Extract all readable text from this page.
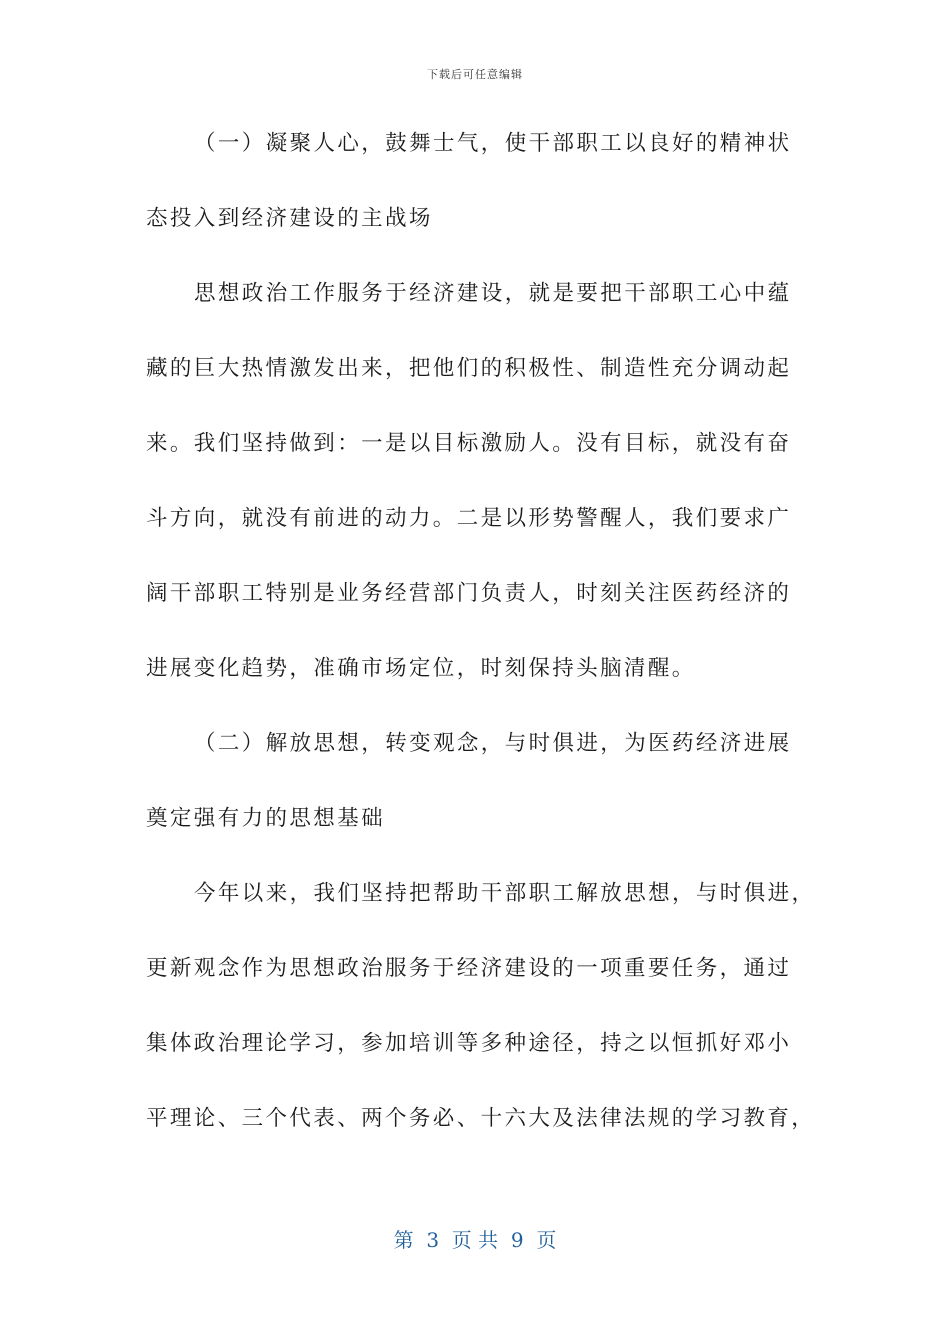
下载后可任意编辑
（一）凝聚人心，鼓舞士气，使干部职工以良好的精神状
态投入到经济建设的主战场
思想政治工作服务于经济建设，就是要把干部职工心中蕴
藏的巨大热情激发出来，把他们的积极性、制造性充分调动起
来。我们坚持做到：一是以目标激励人。没有目标，就没有奋
斗方向，就没有前进的动力。二是以形势警醒人，我们要求广
阔干部职工特别是业务经营部门负责人，时刻关注医药经济的
进展变化趋势，准确市场定位，时刻保持头脑清醒。
（二）解放思想，转变观念，与时俱进，为医药经济进展
奠定强有力的思想基础
今年以来，我们坚持把帮助干部职工解放思想，与时俱进，
更新观念作为思想政治服务于经济建设的一项重要任务，通过
集体政治理论学习，参加培训等多种途径，持之以恒抓好邓小
平理论、三个代表、两个务必、十六大及法律法规的学习教育，
第  3  页 共  9  页
